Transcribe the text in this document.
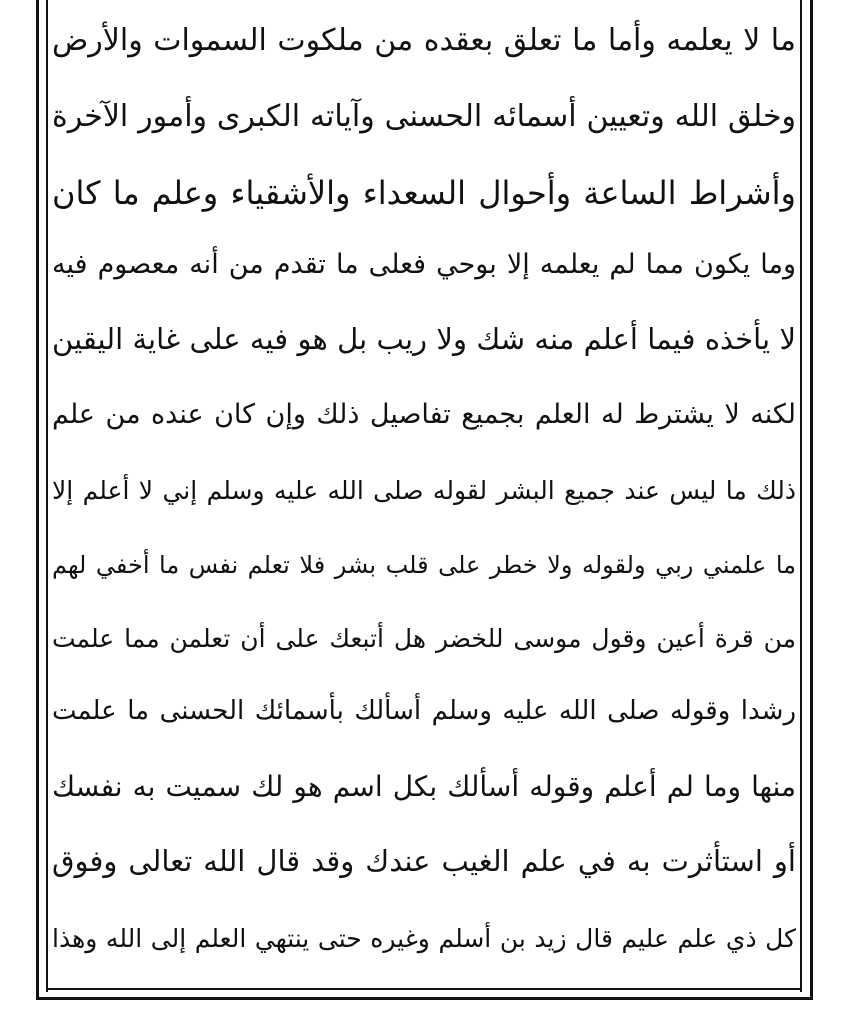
ما لا يعلمه وأما ما تعلق بعقده من ملكوت السموات والأرض
وخلق الله وتعيين أسمائه الحسنى وآياته الكبرى وأمور الآخرة
وأشراط الساعة وأحوال السعداء والأشقياء وعلم ما كان
وما يكون مما لم يعلمه إلا بوحي فعلى ما تقدم من أنه معصوم فيه
لا يأخذه فيما أعلم منه شك ولا ريب بل هو فيه على غاية اليقين
لكنه لا يشترط له العلم بجميع تفاصيل ذلك وإن كان عنده من علم
ذلك ما ليس عند جميع البشر لقوله صلى الله عليه وسلم إني لا أعلم إلا
ما علمني ربي ولقوله ولا خطر على قلب بشر فلا تعلم نفس ما أخفي لهم
من قرة أعين وقول موسى للخضر هل أتبعك على أن تعلمن مما علمت
رشدا وقوله صلى الله عليه وسلم أسألك بأسمائك الحسنى ما علمت
منها وما لم أعلم وقوله أسألك بكل اسم هو لك سميت به نفسك
أو استأثرت به في علم الغيب عندك وقد قال الله تعالى وفوق
كل ذي علم عليم قال زيد بن أسلم وغيره حتى ينتهي العلم إلى الله وهذا
